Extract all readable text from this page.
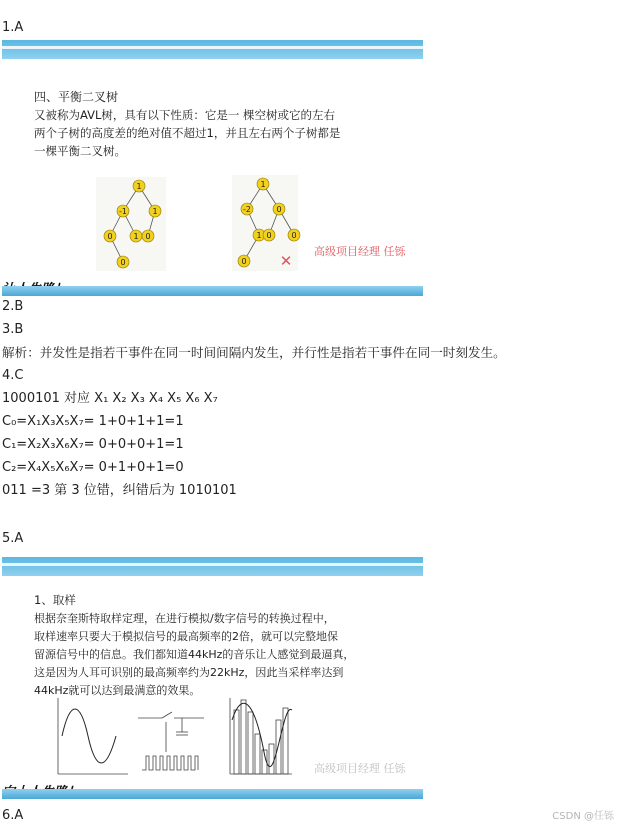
1.A
四、平衡二叉树
又被称为AVL树，具有以下性质：它是一 棵空树或它的左右
两个子树的高度差的绝对值不超过1，并且左右两个子树都是
一棵平衡二叉树。
1
-1	1
0	1 0
0
1
-2	0
1 0 0
0 ✕
高级项目经理 任铄
2.B
3.B
解析：并发性是指若干事件在同一时间间隔内发生，并行性是指若干事件在同一时刻发生。
4.C
1000101 对应 X₁ X₂ X₃ X₄ X₅ X₆ X₇
C₀=X₁X₃X₅X₇= 1+0+1+1=1
C₁=X₂X₃X₆X₇= 0+0+0+1=1
C₂=X₄X₅X₆X₇= 0+1+0+1=0
011 =3 第 3 位错，纠错后为 1010101
5.A
1、取样
根据奈奎斯特取样定理，在进行模拟/数字信号的转换过程中，
取样速率只要大于模拟信号的最高频率的2倍，就可以完整地保
留源信号中的信息。我们都知道44kHz的音乐让人感觉到最逼真，
这是因为人耳可识别的最高频率约为22kHz，因此当采样率达到
44kHz就可以达到最满意的效果。
高级项目经理 任铄
6.A	CSDN @任铄
